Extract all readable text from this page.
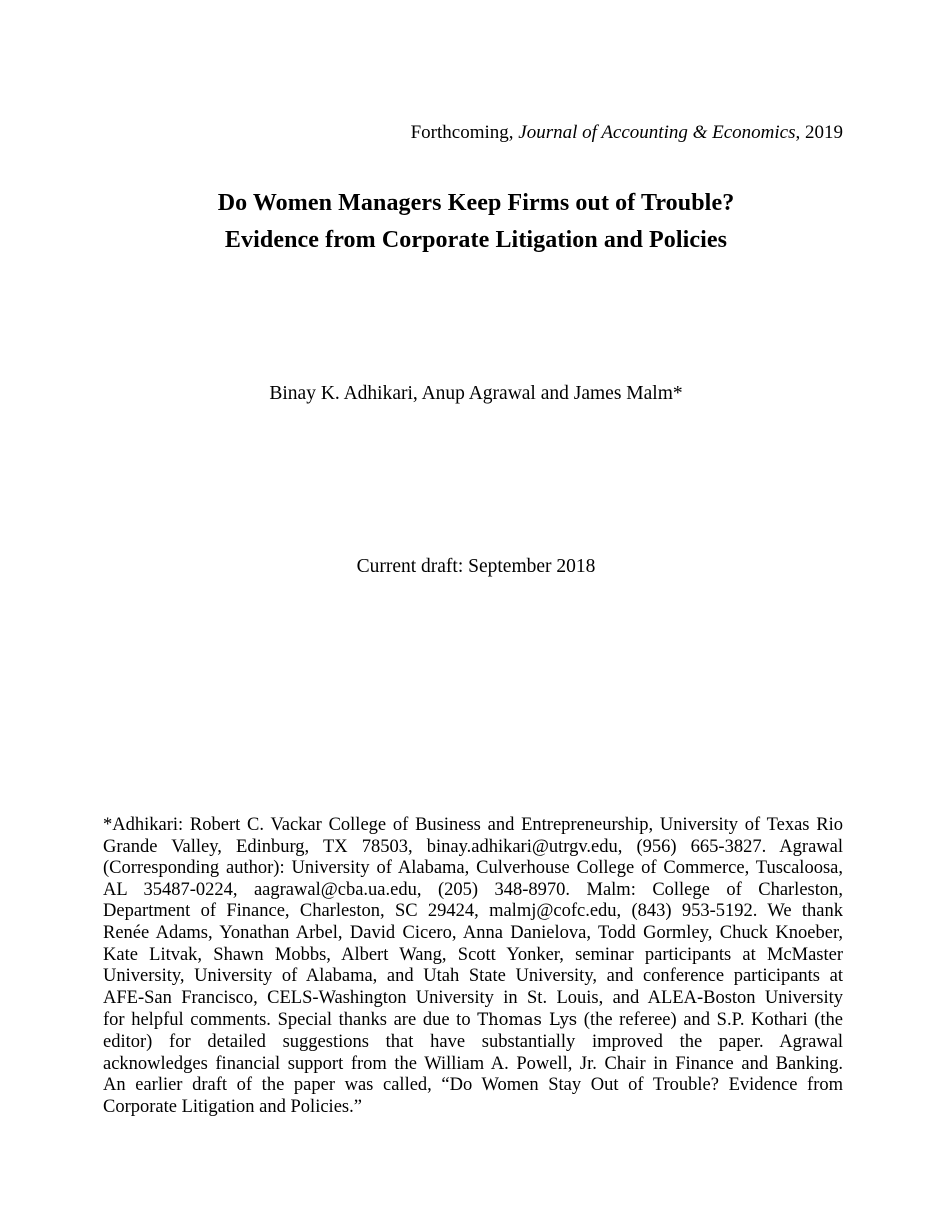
Forthcoming, Journal of Accounting & Economics, 2019
Do Women Managers Keep Firms out of Trouble?
Evidence from Corporate Litigation and Policies
Binay K. Adhikari, Anup Agrawal and James Malm*
Current draft: September 2018
*Adhikari: Robert C. Vackar College of Business and Entrepreneurship, University of Texas Rio
Grande Valley, Edinburg, TX 78503, binay.adhikari@utrgv.edu, (956) 665-3827. Agrawal
(Corresponding author): University of Alabama, Culverhouse College of Commerce, Tuscaloosa,
AL 35487-0224, aagrawal@cba.ua.edu, (205) 348-8970. Malm: College of Charleston,
Department of Finance, Charleston, SC 29424, malmj@cofc.edu, (843) 953-5192. We thank
Renée Adams, Yonathan Arbel, David Cicero, Anna Danielova, Todd Gormley, Chuck Knoeber,
Kate Litvak, Shawn Mobbs, Albert Wang, Scott Yonker, seminar participants at McMaster
University, University of Alabama, and Utah State University, and conference participants at
AFE-San Francisco, CELS-Washington University in St. Louis, and ALEA-Boston University
for helpful comments. Special thanks are due to Thomas Lys (the referee) and S.P. Kothari (the
editor) for detailed suggestions that have substantially improved the paper. Agrawal
acknowledges financial support from the William A. Powell, Jr. Chair in Finance and Banking.
An earlier draft of the paper was called, “Do Women Stay Out of Trouble? Evidence from
Corporate Litigation and Policies.”
